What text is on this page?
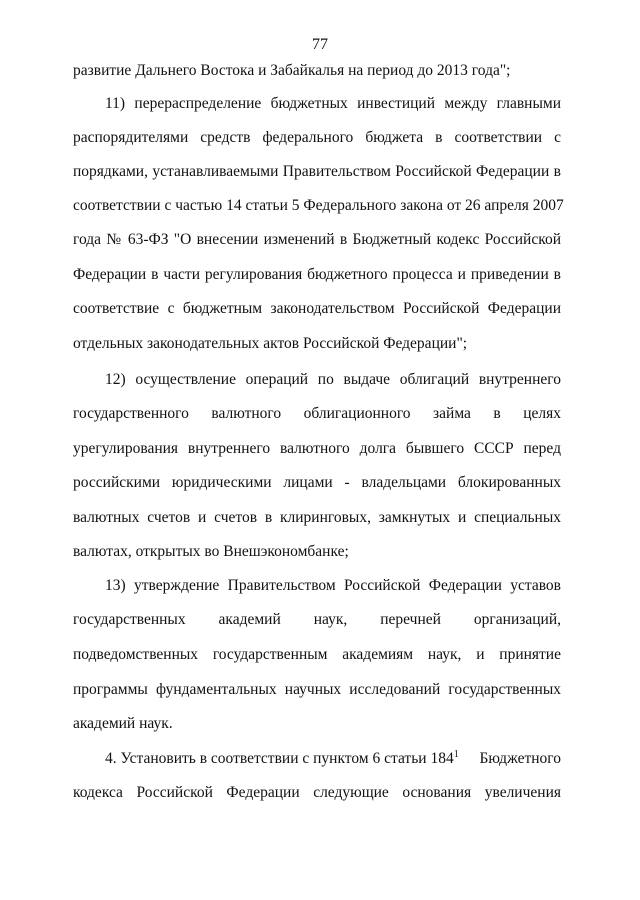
77
развитие Дальнего Востока и Забайкалья на период до 2013 года";
11) перераспределение бюджетных инвестиций между главными
распорядителями средств федерального бюджета в соответствии с
порядками, устанавливаемыми Правительством Российской Федерации в
соответствии с частью 14 статьи 5 Федерального закона от 26 апреля 2007
года № 63-ФЗ "О внесении изменений в Бюджетный кодекс Российской
Федерации в части регулирования бюджетного процесса и приведении в
соответствие с бюджетным законодательством Российской Федерации
отдельных законодательных актов Российской Федерации";
12) осуществление операций по выдаче облигаций внутреннего
государственного валютного облигационного займа в целях
урегулирования внутреннего валютного долга бывшего СССР перед
российскими юридическими лицами - владельцами блокированных
валютных счетов и счетов в клиринговых, замкнутых и специальных
валютах, открытых во Внешэкономбанке;
13) утверждение Правительством Российской Федерации уставов
государственных академий наук, перечней организаций,
подведомственных государственным академиям наук, и принятие
программы фундаментальных научных исследований государственных
академий наук.
4. Установить в соответствии с пунктом 6 статьи $184^1$ Бюджетного
кодекса Российской Федерации следующие основания увеличения
